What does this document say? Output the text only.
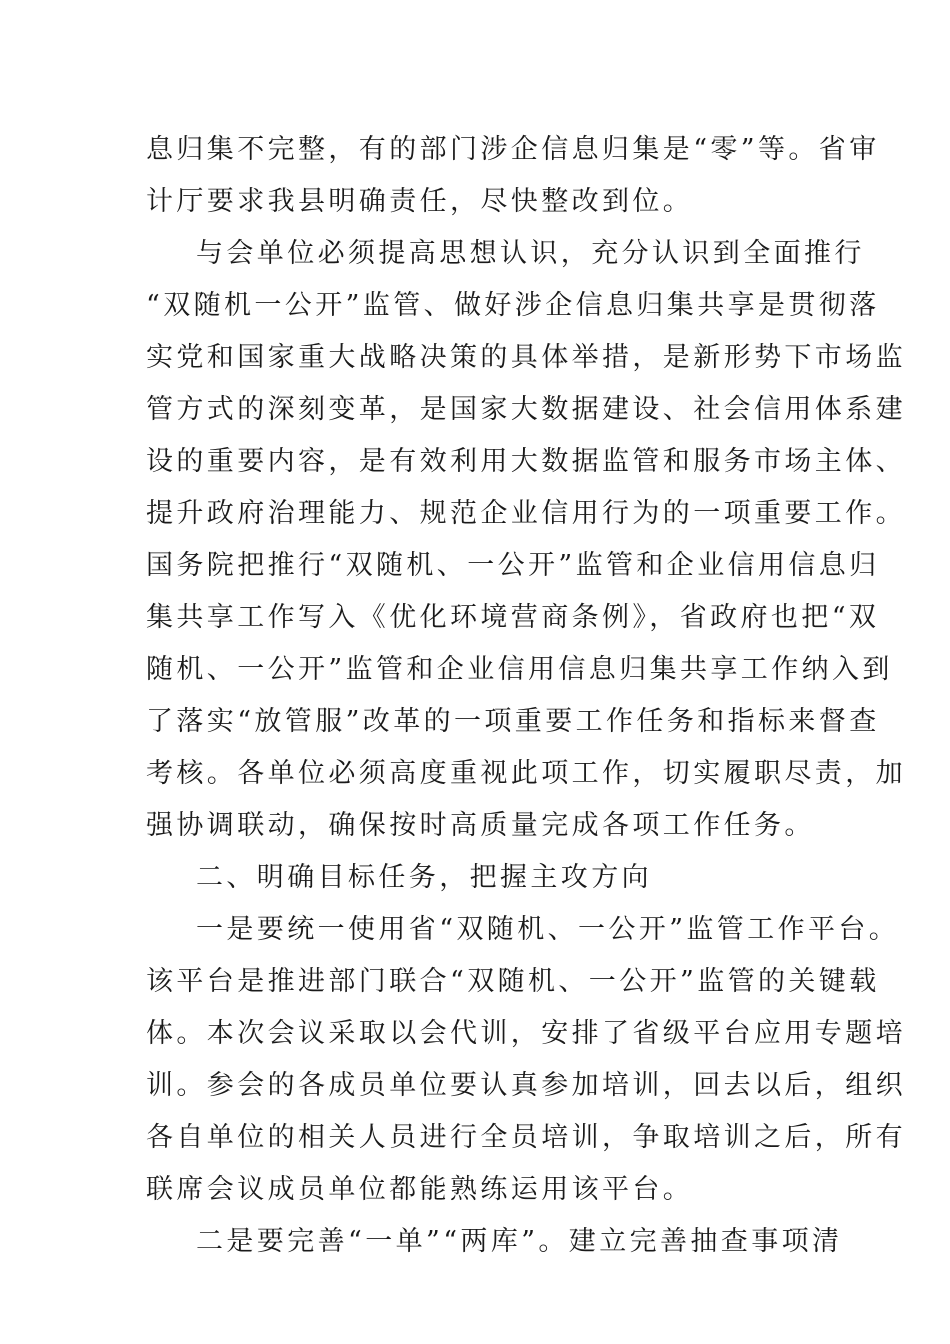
息归集不完整，有的部门涉企信息归集是“零”等。省审
计厅要求我县明确责任，尽快整改到位。
与会单位必须提高思想认识，充分认识到全面推行
“双随机一公开”监管、做好涉企信息归集共享是贯彻落
实党和国家重大战略决策的具体举措，是新形势下市场监
管方式的深刻变革，是国家大数据建设、社会信用体系建
设的重要内容，是有效利用大数据监管和服务市场主体、
提升政府治理能力、规范企业信用行为的一项重要工作。
国务院把推行“双随机、一公开”监管和企业信用信息归
集共享工作写入《优化环境营商条例》，省政府也把“双
随机、一公开”监管和企业信用信息归集共享工作纳入到
了落实“放管服”改革的一项重要工作任务和指标来督查
考核。各单位必须高度重视此项工作，切实履职尽责，加
强协调联动，确保按时高质量完成各项工作任务。
二、明确目标任务，把握主攻方向
一是要统一使用省“双随机、一公开”监管工作平台。
该平台是推进部门联合“双随机、一公开”监管的关键载
体。本次会议采取以会代训，安排了省级平台应用专题培
训。参会的各成员单位要认真参加培训，回去以后，组织
各自单位的相关人员进行全员培训，争取培训之后，所有
联席会议成员单位都能熟练运用该平台。
二是要完善“一单”“两库”。建立完善抽查事项清
